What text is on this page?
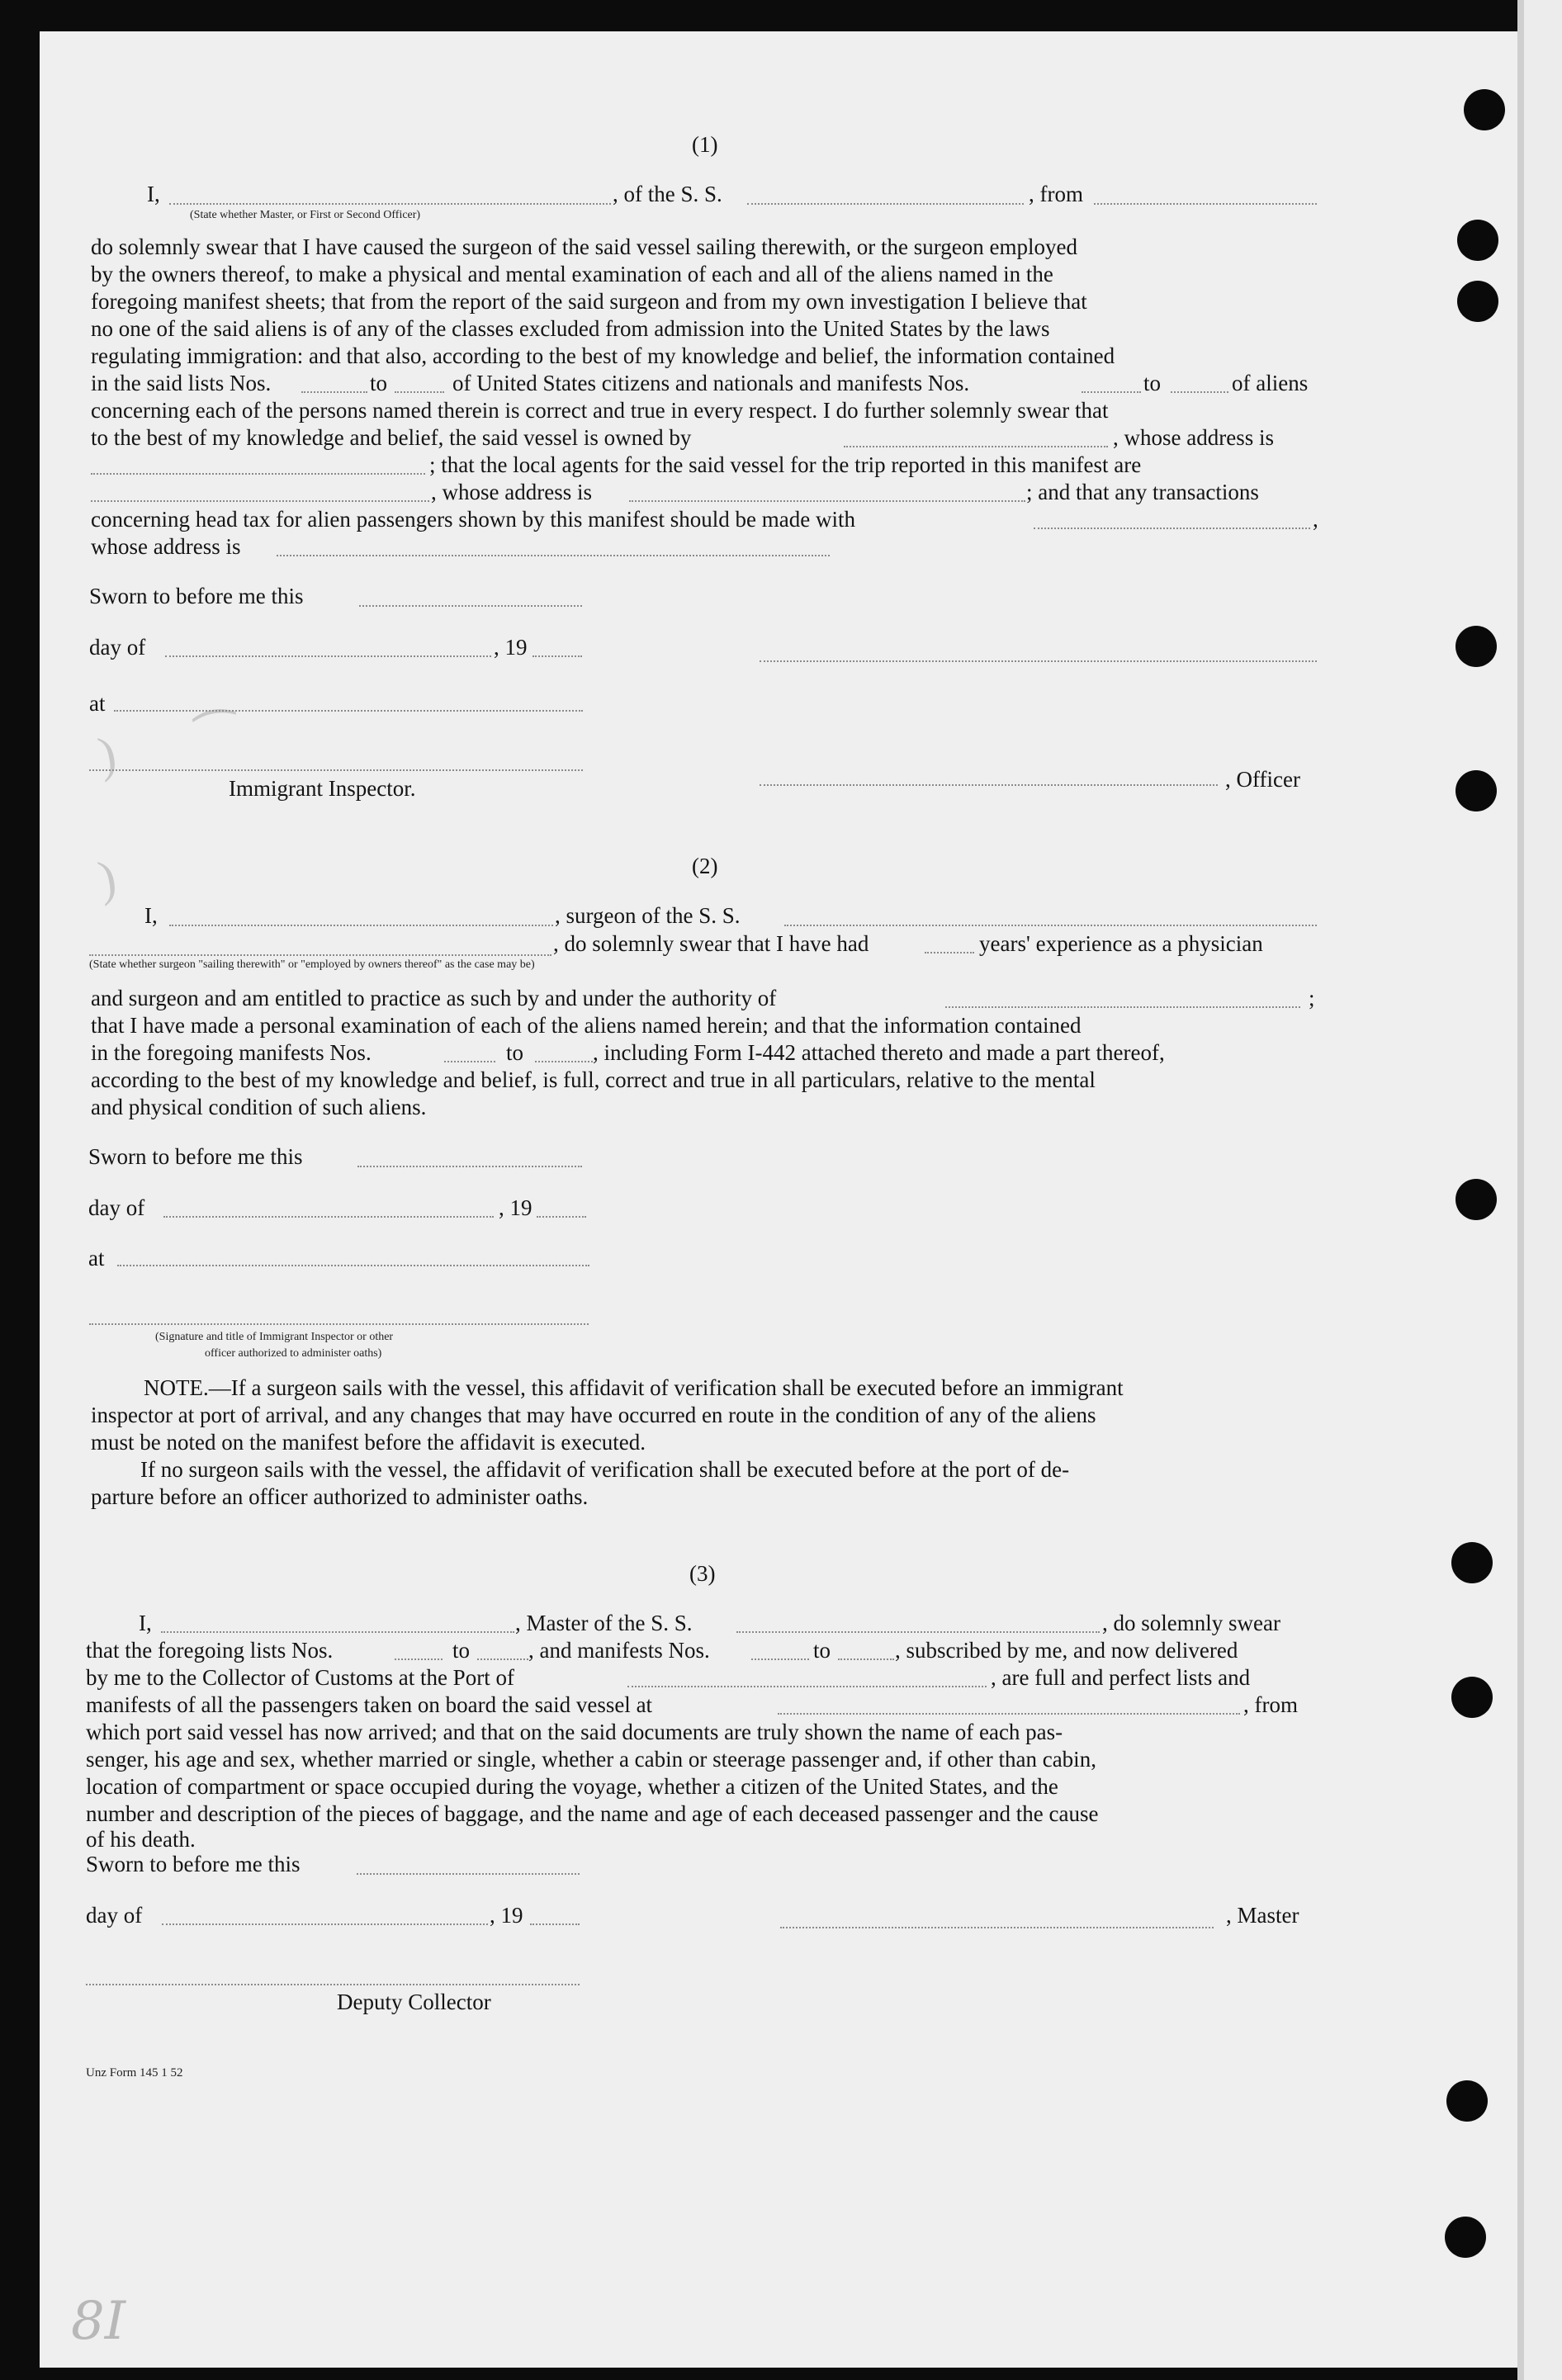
)
)
⁀
(1)
I,	, of the S. S.	, from
(State whether Master, or First or Second Officer)
do solemnly swear that I have caused the surgeon of the said vessel sailing therewith, or the surgeon employed
by the owners thereof, to make a physical and mental examination of each and all of the aliens named in the
foregoing manifest sheets; that from the report of the said surgeon and from my own investigation I believe that
no one of the said aliens is of any of the classes excluded from admission into the United States by the laws
regulating immigration: and that also, according to the best of my knowledge and belief, the information contained
in the said lists Nos.	to	of United States citizens and nationals and manifests Nos.	to	of aliens
concerning each of the persons named therein is correct and true in every respect. I do further solemnly swear that
to the best of my knowledge and belief, the said vessel is owned by	, whose address is
; that the local agents for the said vessel for the trip reported in this manifest are
, whose address is	; and that any transactions
concerning head tax for alien passengers shown by this manifest should be made with	,
whose address is
Sworn to before me this
day of	, 19
at
Immigrant Inspector.	, Officer
(2)
I,	, surgeon of the S. S.
, do solemnly swear that I have had	years' experience as a physician
(State whether surgeon "sailing therewith" or "employed by owners thereof" as the case may be)
and surgeon and am entitled to practice as such by and under the authority of	;
that I have made a personal examination of each of the aliens named herein; and that the information contained
in the foregoing manifests Nos.	to	, including Form I-442 attached thereto and made a part thereof,
according to the best of my knowledge and belief, is full, correct and true in all particulars, relative to the mental
and physical condition of such aliens.
Sworn to before me this
day of	, 19
at
(Signature and title of Immigrant Inspector or other
officer authorized to administer oaths)
NOTE.—If a surgeon sails with the vessel, this affidavit of verification shall be executed before an immigrant
inspector at port of arrival, and any changes that may have occurred en route in the condition of any of the aliens
must be noted on the manifest before the affidavit is executed.
If no surgeon sails with the vessel, the affidavit of verification shall be executed before at the port of de-
parture before an officer authorized to administer oaths.
(3)
I,	, Master of the S. S.	, do solemnly swear
that the foregoing lists Nos.	to	, and manifests Nos.	to	, subscribed by me, and now delivered
by me to the Collector of Customs at the Port of	, are full and perfect lists and
manifests of all the passengers taken on board the said vessel at	, from
which port said vessel has now arrived; and that on the said documents are truly shown the name of each pas-
senger, his age and sex, whether married or single, whether a cabin or steerage passenger and, if other than cabin,
location of compartment or space occupied during the voyage, whether a citizen of the United States, and the
number and description of the pieces of baggage, and the name and age of each deceased passenger and the cause
of his death.
Sworn to before me this
day of	, 19	, Master
Deputy Collector
Unz Form 145 1 52
8I
